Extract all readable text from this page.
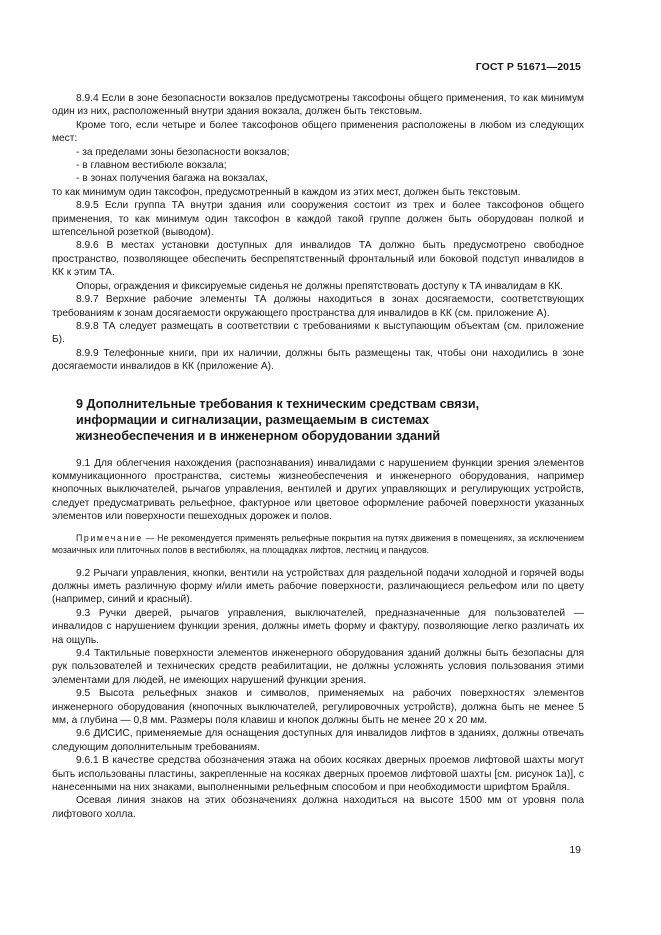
ГОСТ Р 51671—2015

8.9.4 Если в зоне безопасности вокзалов предусмотрены таксофоны общего применения, то как минимум один из них, расположенный внутри здания вокзала, должен быть текстовым.

Кроме того, если четыре и более таксофонов общего применения расположены в любом из следующих мест:

- за пределами зоны безопасности вокзалов;

- в главном вестибюле вокзала;

- в зонах получения багажа на вокзалах,

то как минимум один таксофон, предусмотренный в каждом из этих мест, должен быть текстовым.

8.9.5 Если группа ТА внутри здания или сооружения состоит из трех и более таксофонов общего применения, то как минимум один таксофон в каждой такой группе должен быть оборудован полкой и штепсельной розеткой (выводом).

8.9.6 В местах установки доступных для инвалидов ТА должно быть предусмотрено свободное пространство, позволяющее обеспечить беспрепятственный фронтальный или боковой подступ инвалидов в КК к этим ТА.

Опоры, ограждения и фиксируемые сиденья не должны препятствовать доступу к ТА инвалидам в КК.

8.9.7 Верхние рабочие элементы ТА должны находиться в зонах досягаемости, соответствующих требованиям к зонам досягаемости окружающего пространства для инвалидов в КК (см. приложение А).

8.9.8 ТА следует размещать в соответствии с требованиями к выступающим объектам (см. приложение Б).

8.9.9 Телефонные книги, при их наличии, должны быть размещены так, чтобы они находились в зоне досягаемости инвалидов в КК (приложение А).

9 Дополнительные требования к техническим средствам связи,
информации и сигнализации, размещаемым в системах
жизнеобеспечения и в инженерном оборудовании зданий

9.1 Для облегчения нахождения (распознавания) инвалидами с нарушением функции зрения элементов коммуникационного пространства, системы жизнеобеспечения и инженерного оборудования, например кнопочных выключателей, рычагов управления, вентилей и других управляющих и регулирующих устройств, следует предусматривать рельефное, фактурное или цветовое оформление рабочей поверхности указанных элементов или поверхности пешеходных дорожек и полов.

Примечание — Не рекомендуется применять рельефные покрытия на путях движения в помещениях, за исключением мозаичных или плиточных полов в вестибюлях, на площадках лифтов, лестниц и пандусов.

9.2 Рычаги управления, кнопки, вентили на устройствах для раздельной подачи холодной и горячей воды должны иметь различную форму и/или иметь рабочие поверхности, различающиеся рельефом или по цвету (например, синий и красный).

9.3 Ручки дверей, рычагов управления, выключателей, предназначенные для пользователей — инвалидов с нарушением функции зрения, должны иметь форму и фактуру, позволяющие легко различать их на ощупь.

9.4 Тактильные поверхности элементов инженерного оборудования зданий должны быть безопасны для рук пользователей и технических средств реабилитации, не должны усложнять условия пользования этими элементами для людей, не имеющих нарушений функции зрения.

9.5 Высота рельефных знаков и символов, применяемых на рабочих поверхностях элементов инженерного оборудования (кнопочных выключателей, регулировочных устройств), должна быть не менее 5 мм, а глубина — 0,8 мм. Размеры поля клавиш и кнопок должны быть не менее 20 х 20 мм.

9.6 ДИСИС, применяемые для оснащения доступных для инвалидов лифтов в зданиях, должны отвечать следующим дополнительным требованиям.

9.6.1 В качестве средства обозначения этажа на обоих косяках дверных проемов лифтовой шахты могут быть использованы пластины, закрепленные на косяках дверных проемов лифтовой шахты [см. рисунок 1а)], с нанесенными на них знаками, выполненными рельефным способом и при необходимости шрифтом Брайля.

Осевая линия знаков на этих обозначениях должна находиться на высоте 1500 мм от уровня пола лифтового холла.

19
